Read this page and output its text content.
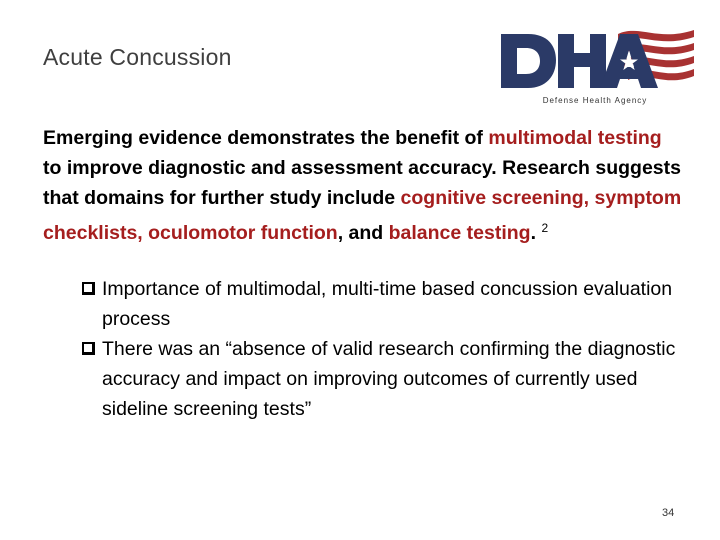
Acute Concussion
Defense Health Agency
Emerging evidence demonstrates the benefit of multimodal testing to improve diagnostic and assessment accuracy. Research suggests that domains for further study include cognitive screening, symptom checklists, oculomotor function, and balance testing. $^2$
Importance of multimodal, multi-time based concussion evaluation process
There was an “absence of valid research confirming the diagnostic accuracy and impact on improving outcomes of currently used sideline screening tests”
34
